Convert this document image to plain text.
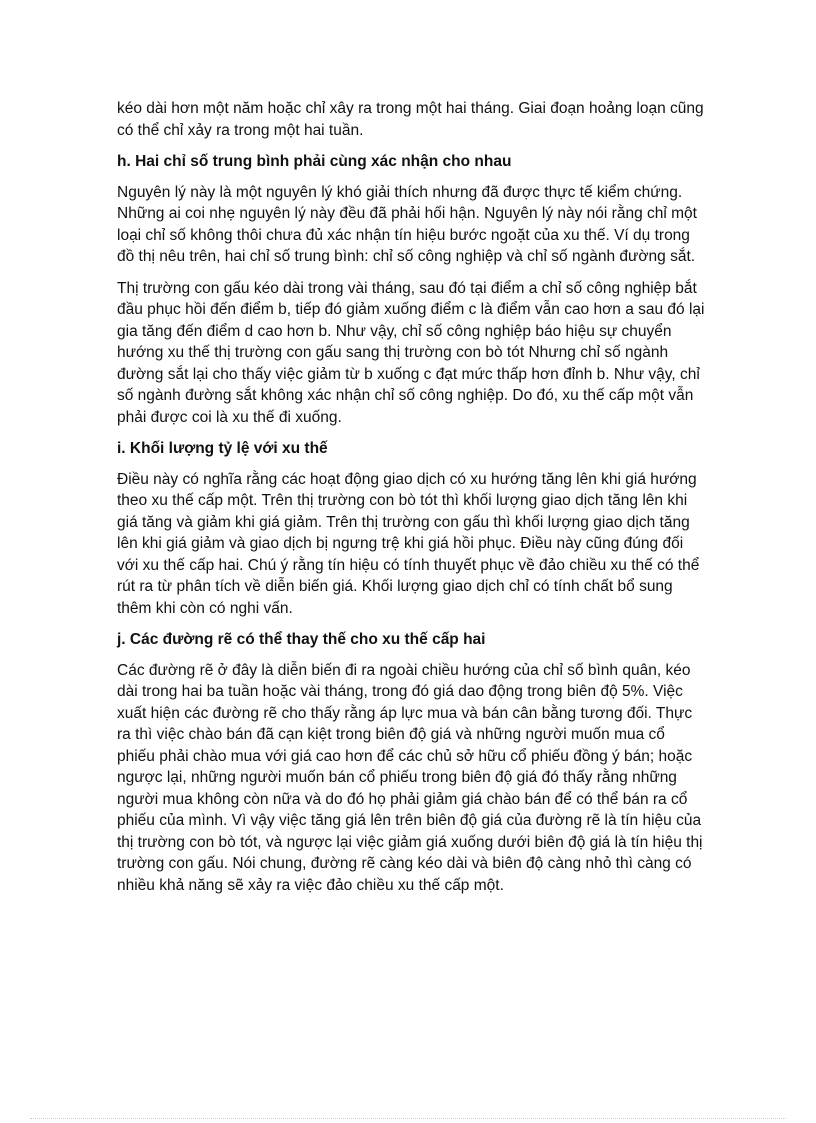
kéo dài hơn một năm hoặc chỉ xây ra trong một hai tháng. Giai đoạn hoảng loạn cũng có thể chỉ xảy ra trong một hai tuần.

h. Hai chỉ số trung bình phải cùng xác nhận cho nhau

Nguyên lý này là một nguyên lý khó giải thích nhưng đã được thực tế kiểm chứng. Những ai coi nhẹ nguyên lý này đều đã phải hối hận. Nguyên lý này nói rằng chỉ một loại chỉ số không thôi chưa đủ xác nhận tín hiệu bước ngoặt của xu thế. Ví dụ trong đồ thị nêu trên, hai chỉ số trung bình: chỉ số công nghiệp và chỉ số ngành đường sắt.

Thị trường con gấu kéo dài trong vài tháng, sau đó tại điểm a chỉ số công nghiệp bắt đầu phục hồi đến điểm b, tiếp đó giảm xuống điểm c là điểm vẫn cao hơn a sau đó lại gia tăng đến điểm d cao hơn b. Như vậy, chỉ số công nghiệp báo hiệu sự chuyển hướng xu thế thị trường con gấu sang thị trường con bò tót Nhưng chỉ số ngành đường sắt lại cho thấy việc giảm từ b xuống c đạt mức thấp hơn đỉnh b. Như vậy, chỉ số ngành đường sắt không xác nhận chỉ số công nghiệp. Do đó, xu thế cấp một vẫn phải được coi là xu thế đi xuống.

i. Khối lượng tỷ lệ với xu thế

Điều này có nghĩa rằng các hoạt động giao dịch có xu hướng tăng lên khi giá hướng theo xu thế cấp một. Trên thị trường con bò tót thì khối lượng giao dịch tăng lên khi giá tăng và giảm khi giá giảm. Trên thị trường con gấu thì khối lượng giao dịch tăng lên khi giá giảm và giao dịch bị ngưng trệ khi giá hồi phục. Điều này cũng đúng đối với xu thế cấp hai. Chú ý rằng tín hiệu có tính thuyết phục về đảo chiều xu thế có thể rút ra từ phân tích về diễn biến giá. Khối lượng giao dịch chỉ có tính chất bổ sung thêm khi còn có nghi vấn.

j. Các đường rẽ có thể thay thế cho xu thế cấp hai

Các đường rẽ ở đây là diễn biến đi ra ngoài chiều hướng của chỉ số bình quân, kéo dài trong hai ba tuần hoặc vài tháng, trong đó giá dao động trong biên độ 5%. Việc xuất hiện các đường rẽ cho thấy rằng áp lực mua và bán cân bằng tương đối. Thực ra thì việc chào bán đã cạn kiệt trong biên độ giá và những người muốn mua cổ phiếu phải chào mua với giá cao hơn để các chủ sở hữu cổ phiếu đồng ý bán; hoặc ngược lại, những người muốn bán cổ phiếu trong biên độ giá đó thấy rằng những người mua không còn nữa và do đó họ phải giảm giá chào bán để có thể bán ra cổ phiếu của mình. Vì vậy việc tăng giá lên trên biên độ giá của đường rẽ là tín hiệu của thị trường con bò tót, và ngược lại việc giảm giá xuống dưới biên độ giá là tín hiệu thị trường con gấu. Nói chung, đường rẽ càng kéo dài và biên độ càng nhỏ thì càng có nhiều khả năng sẽ xảy ra việc đảo chiều xu thế cấp một.
